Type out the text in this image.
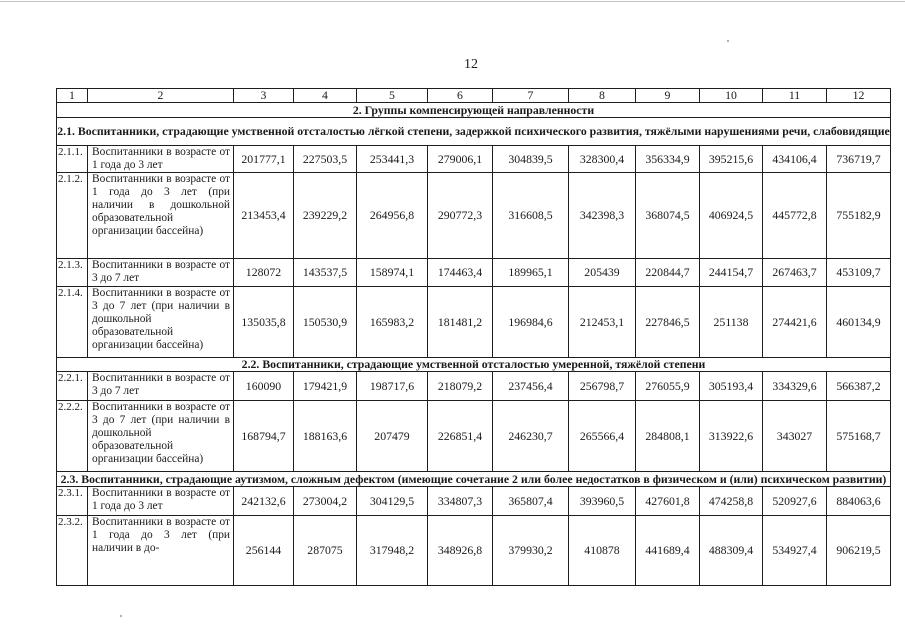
12
1	2	3	4	5	6	7	8	9	10	11	12
2. Группы компенсирующей направленности											
2.1. Воспитанники, страдающие умственной отсталостью лёгкой степени, задержкой психического развития, тяжёлыми нарушениями речи, слабовидящие											
2.1.1.	Воспитанники в возрасте от 1 года до 3 лет	201777,1	227503,5	253441,3	279006,1	304839,5	328300,4	356334,9	395215,6	434106,4	736719,7
2.1.2.	Воспитанники в возрасте от 1 года до 3 лет (при наличии в дошкольной образовательной организации бассейна)	213453,4	239229,2	264956,8	290772,3	316608,5	342398,3	368074,5	406924,5	445772,8	755182,9
2.1.3.	Воспитанники в возрасте от 3 до 7 лет	128072	143537,5	158974,1	174463,4	189965,1	205439	220844,7	244154,7	267463,7	453109,7
2.1.4.	Воспитанники в возрасте от 3 до 7 лет (при наличии в дошкольной образовательной организации бассейна)	135035,8	150530,9	165983,2	181481,2	196984,6	212453,1	227846,5	251138	274421,6	460134,9
2.2. Воспитанники, страдающие умственной отсталостью умеренной, тяжёлой степени											
2.2.1.	Воспитанники в возрасте от 3 до 7 лет	160090	179421,9	198717,6	218079,2	237456,4	256798,7	276055,9	305193,4	334329,6	566387,2
2.2.2.	Воспитанники в возрасте от 3 до 7 лет (при наличии в дошкольной образовательной организации бассейна)	168794,7	188163,6	207479	226851,4	246230,7	265566,4	284808,1	313922,6	343027	575168,7
2.3. Воспитанники, страдающие аутизмом, сложным дефектом (имеющие сочетание 2 или более недостатков в физическом и (или) психическом развитии)											
2.3.1.	Воспитанники в возрасте от 1 года до 3 лет	242132,6	273004,2	304129,5	334807,3	365807,4	393960,5	427601,8	474258,8	520927,6	884063,6
2.3.2.	Воспитанники в возрасте от 1 года до 3 лет (при наличии в до-	256144	287075	317948,2	348926,8	379930,2	410878	441689,4	488309,4	534927,4	906219,5
